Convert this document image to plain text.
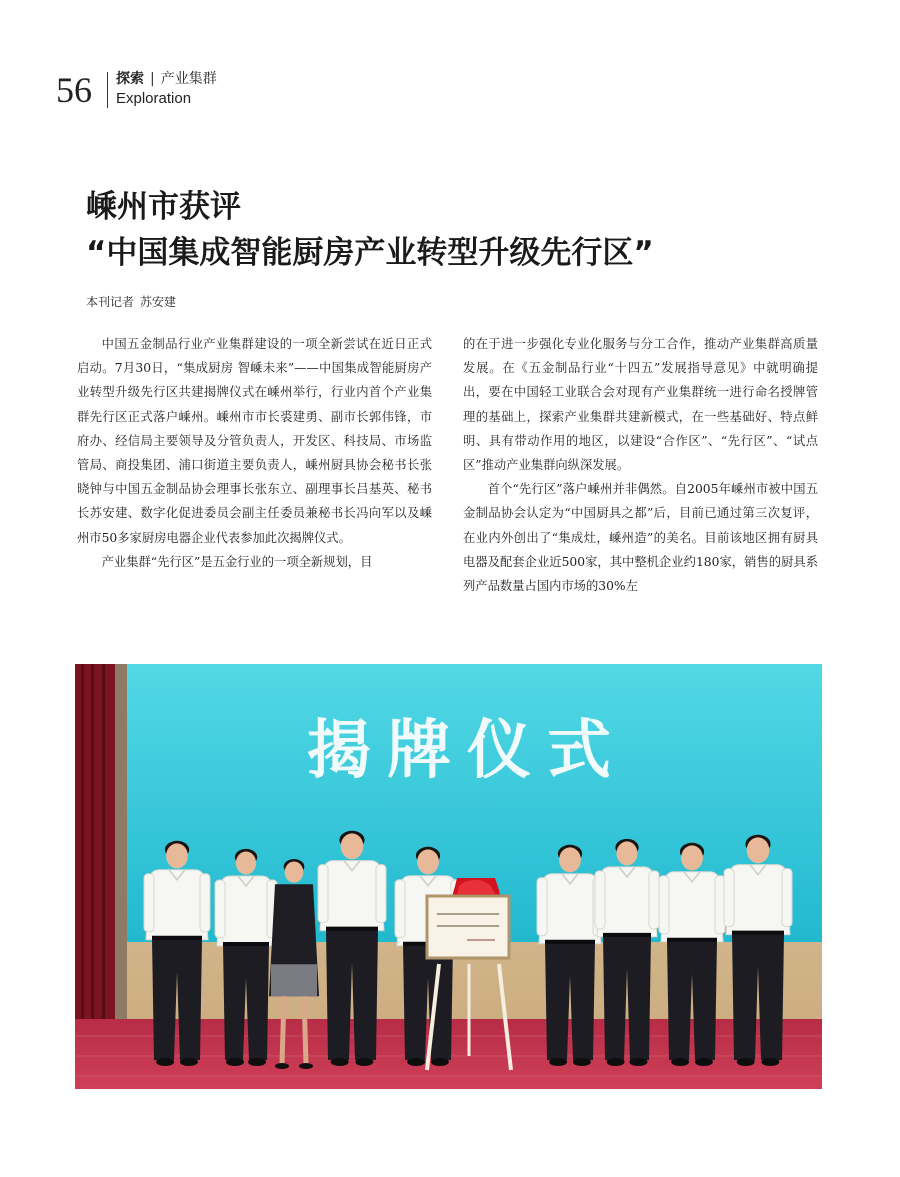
56 探索 | 产业集群
Exploration
嵊州市获评
“中国集成智能厨房产业转型升级先行区”
本刊记者 苏安建

中国五金制品行业产业集群建设的一项全新尝试在近日正式启动。7月30日，“集成厨房 智嵊未来”——中国集成智能厨房产业转型升级先行区共建揭牌仪式在嵊州举行，行业内首个产业集群先行区正式落户嵊州。嵊州市市长裘建勇、副市长郭伟锋，市府办、经信局主要领导及分管负责人，开发区、科技局、市场监管局、商投集团、浦口街道主要负责人，嵊州厨具协会秘书长张晓钟与中国五金制品协会理事长张东立、副理事长吕基英、秘书长苏安建、数字化促进委员会副主任委员兼秘书长冯向军以及嵊州市50多家厨房电器企业代表参加此次揭牌仪式。

产业集群“先行区”是五金行业的一项全新规划，目

的在于进一步强化专业化服务与分工合作，推动产业集群高质量发展。在《五金制品行业“十四五”发展指导意见》中就明确提出，要在中国轻工业联合会对现有产业集群统一进行命名授牌管理的基础上，探索产业集群共建新模式，在一些基础好、特点鲜明、具有带动作用的地区，以建设“合作区”、“先行区”、“试点区”推动产业集群向纵深发展。

首个“先行区”落户嵊州并非偶然。自2005年嵊州市被中国五金制品协会认定为“中国厨具之都”后，目前已通过第三次复评，在业内外创出了“集成灶，嵊州造”的美名。目前该地区拥有厨具电器及配套企业近500家，其中整机企业约180家，销售的厨具系列产品数量占国内市场的30%左

揭牌仪式
